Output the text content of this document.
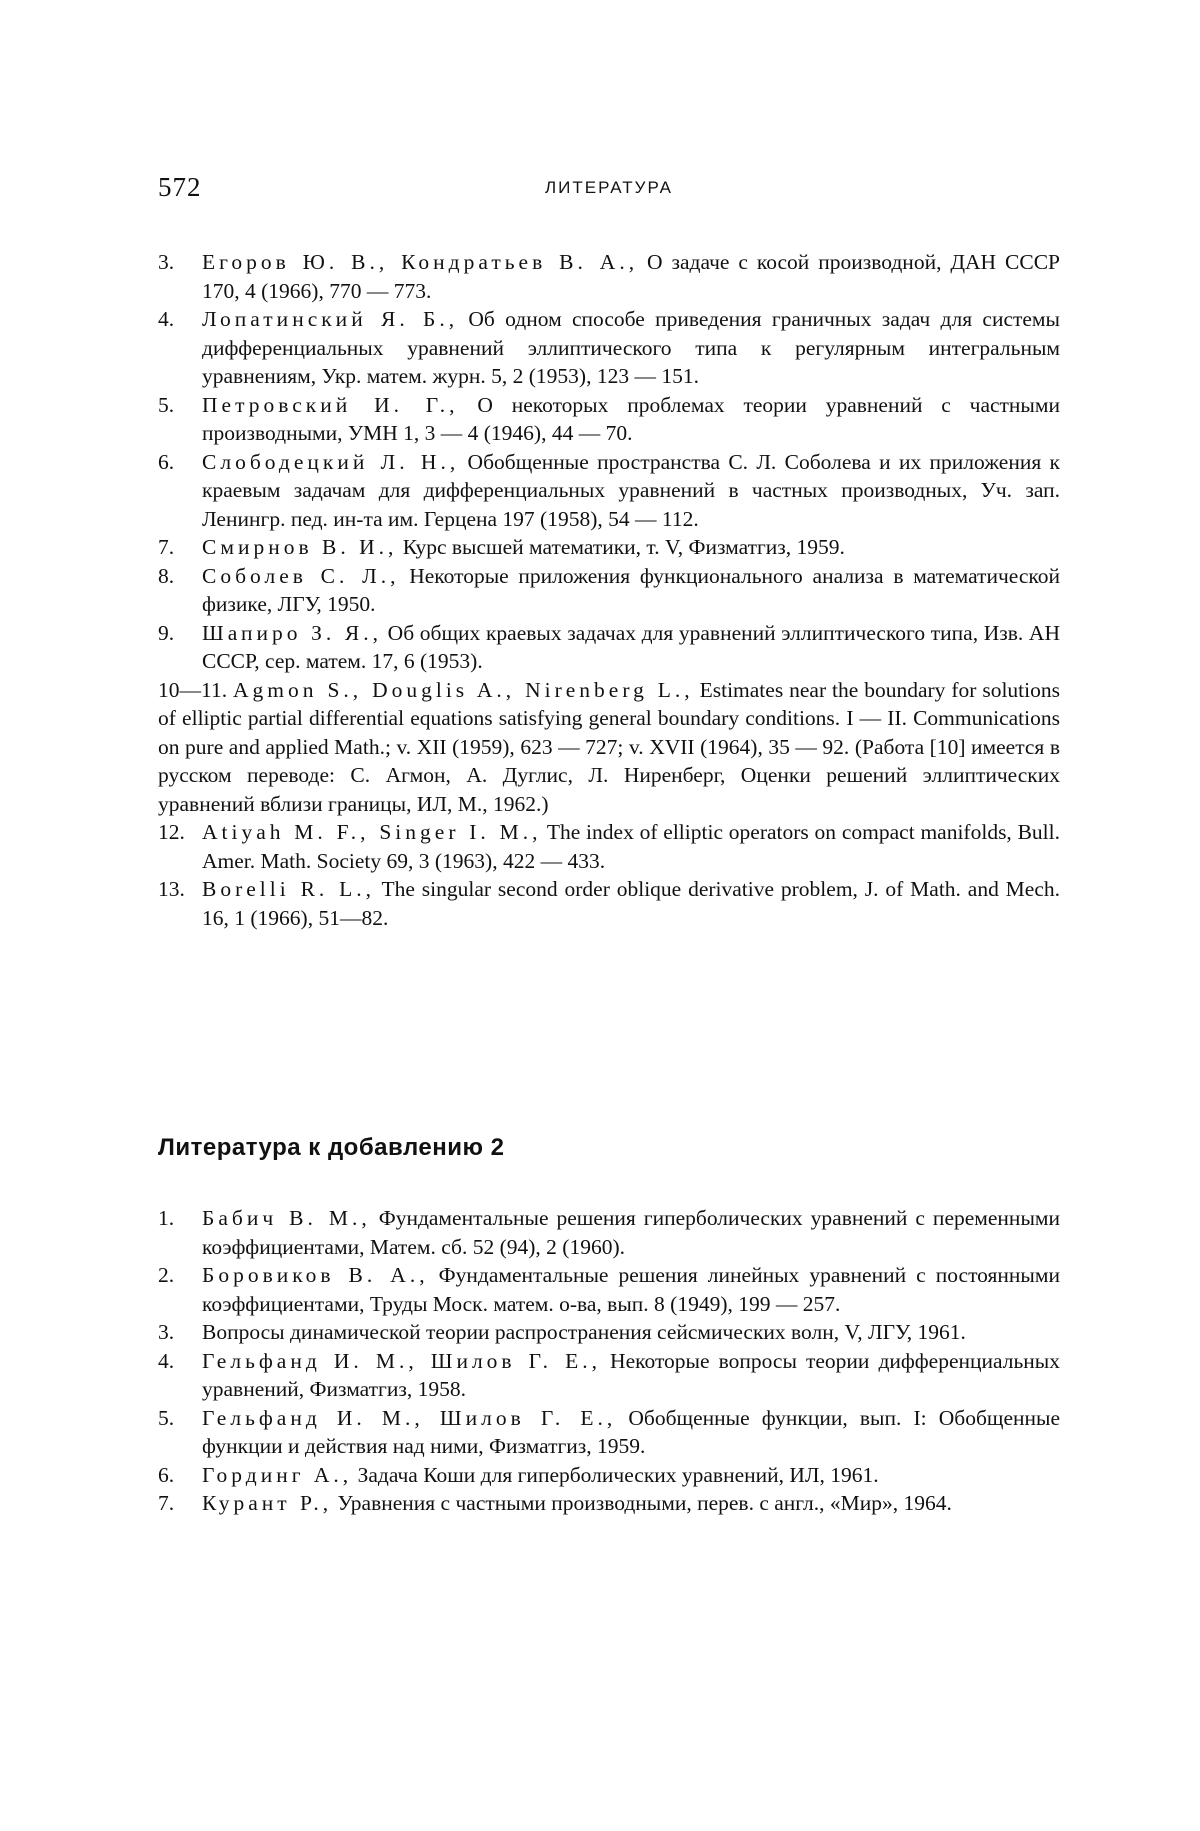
572	ЛИТЕРАТУРА

3. Егоров Ю. В., Кондратьев В. А., О задаче с косой производной, ДАН СССР 170, 4 (1966), 770 — 773.

4. Лопатинский Я. Б., Об одном способе приведения граничных задач для системы дифференциальных уравнений эллиптического типа к регулярным интегральным уравнениям, Укр. матем. журн. 5, 2 (1953), 123 — 151.

5. Петровский И. Г., О некоторых проблемах теории уравнений с частными производными, УМН 1, 3 — 4 (1946), 44 — 70.

6. Слободецкий Л. Н., Обобщенные пространства С. Л. Соболева и их приложения к краевым задачам для дифференциальных уравнений в частных производных, Уч. зап. Ленингр. пед. ин-та им. Герцена 197 (1958), 54 — 112.

7. Смирнов В. И., Курс высшей математики, т. V, Физматгиз, 1959.

8. Соболев С. Л., Некоторые приложения функционального анализа в математической физике, ЛГУ, 1950.

9. Шапиро З. Я., Об общих краевых задачах для уравнений эллиптического типа, Изв. АН СССР, сер. матем. 17, 6 (1953).

10—11. Agmon S., Douglis A., Nirenberg L., Estimates near the boundary for solutions of elliptic partial differential equations satisfying general boundary conditions. I — II. Communications on pure and applied Math.; v. XII (1959), 623 — 727; v. XVII (1964), 35 — 92. (Работа [10] имеется в русском переводе: С. Агмон, А. Дуглис, Л. Ниренберг, Оценки решений эллиптических уравнений вблизи границы, ИЛ, М., 1962.)

12. Atiyah M. F., Singer I. M., The index of elliptic operators on compact manifolds, Bull. Amer. Math. Society 69, 3 (1963), 422 — 433.

13. Borelli R. L., The singular second order oblique derivative problem, J. of Math. and Mech. 16, 1 (1966), 51—82.

Литература к добавлению 2

1. Бабич В. М., Фундаментальные решения гиперболических уравнений с переменными коэффициентами, Матем. сб. 52 (94), 2 (1960).

2. Боровиков В. А., Фундаментальные решения линейных уравнений с постоянными коэффициентами, Труды Моск. матем. о-ва, вып. 8 (1949), 199 — 257.

3. Вопросы динамической теории распространения сейсмических волн, V, ЛГУ, 1961.

4. Гельфанд И. М., Шилов Г. Е., Некоторые вопросы теории дифференциальных уравнений, Физматгиз, 1958.

5. Гельфанд И. М., Шилов Г. Е., Обобщенные функции, вып. I: Обобщенные функции и действия над ними, Физматгиз, 1959.

6. Гординг А., Задача Коши для гиперболических уравнений, ИЛ, 1961.

7. Курант Р., Уравнения с частными производными, перев. с англ., «Мир», 1964.
